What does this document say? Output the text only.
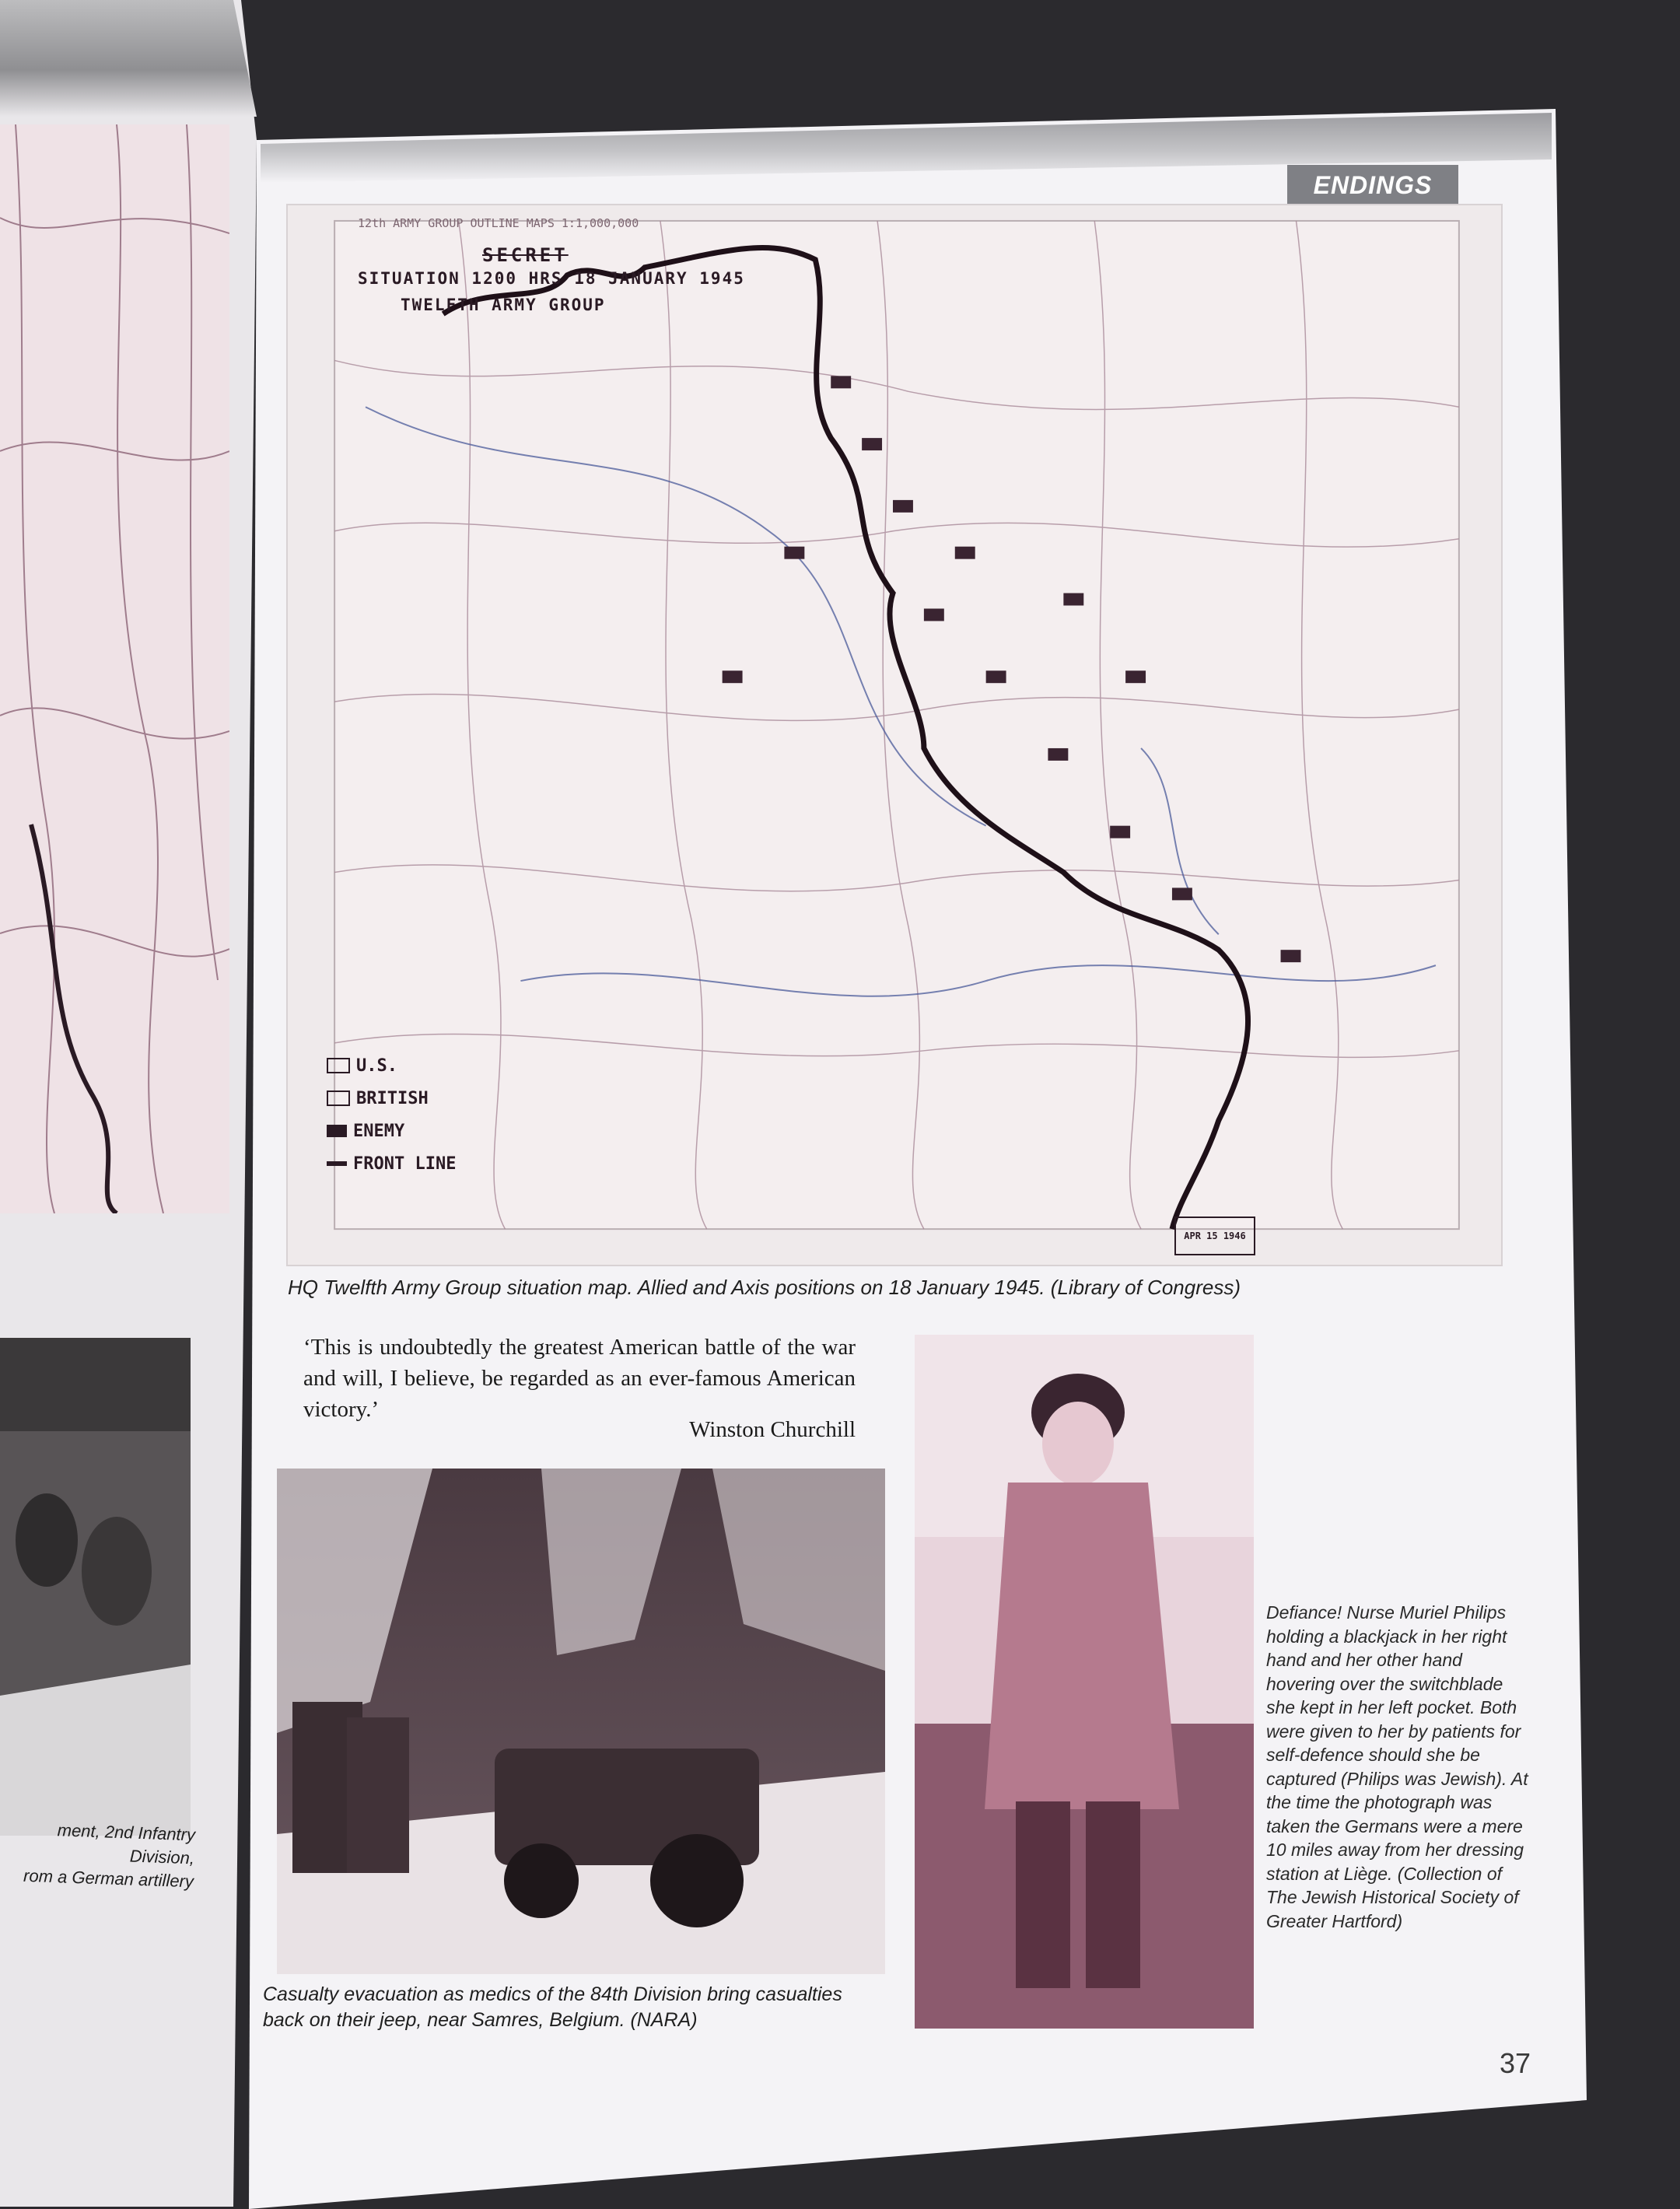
ment, 2nd Infantry Division,
rom a German artillery
ENDINGS
12th ARMY GROUP OUTLINE MAPS 1:1,000,000
SECRET
SITUATION 1200 HRS 18 JANUARY 1945
TWELFTH ARMY GROUP
U.S.
BRITISH
ENEMY
FRONT LINE
APR 15 1946
HQ Twelfth Army Group situation map. Allied and Axis positions on 18 January 1945. (Library of Congress)
‘This is undoubtedly the greatest American battle of the war and will, I believe, be regarded as an ever-famous American victory.’
Winston Churchill
Casualty evacuation as medics of the 84th Division bring casualties back on their jeep, near Samres, Belgium. (NARA)
Defiance! Nurse Muriel Philips holding a blackjack in her right hand and her other hand hovering over the switchblade she kept in her left pocket. Both were given to her by patients for self-defence should she be captured (Philips was Jewish). At the time the photograph was taken the Germans were a mere 10 miles away from her dressing station at Liège. (Collection of The Jewish Historical Society of Greater Hartford)
37
